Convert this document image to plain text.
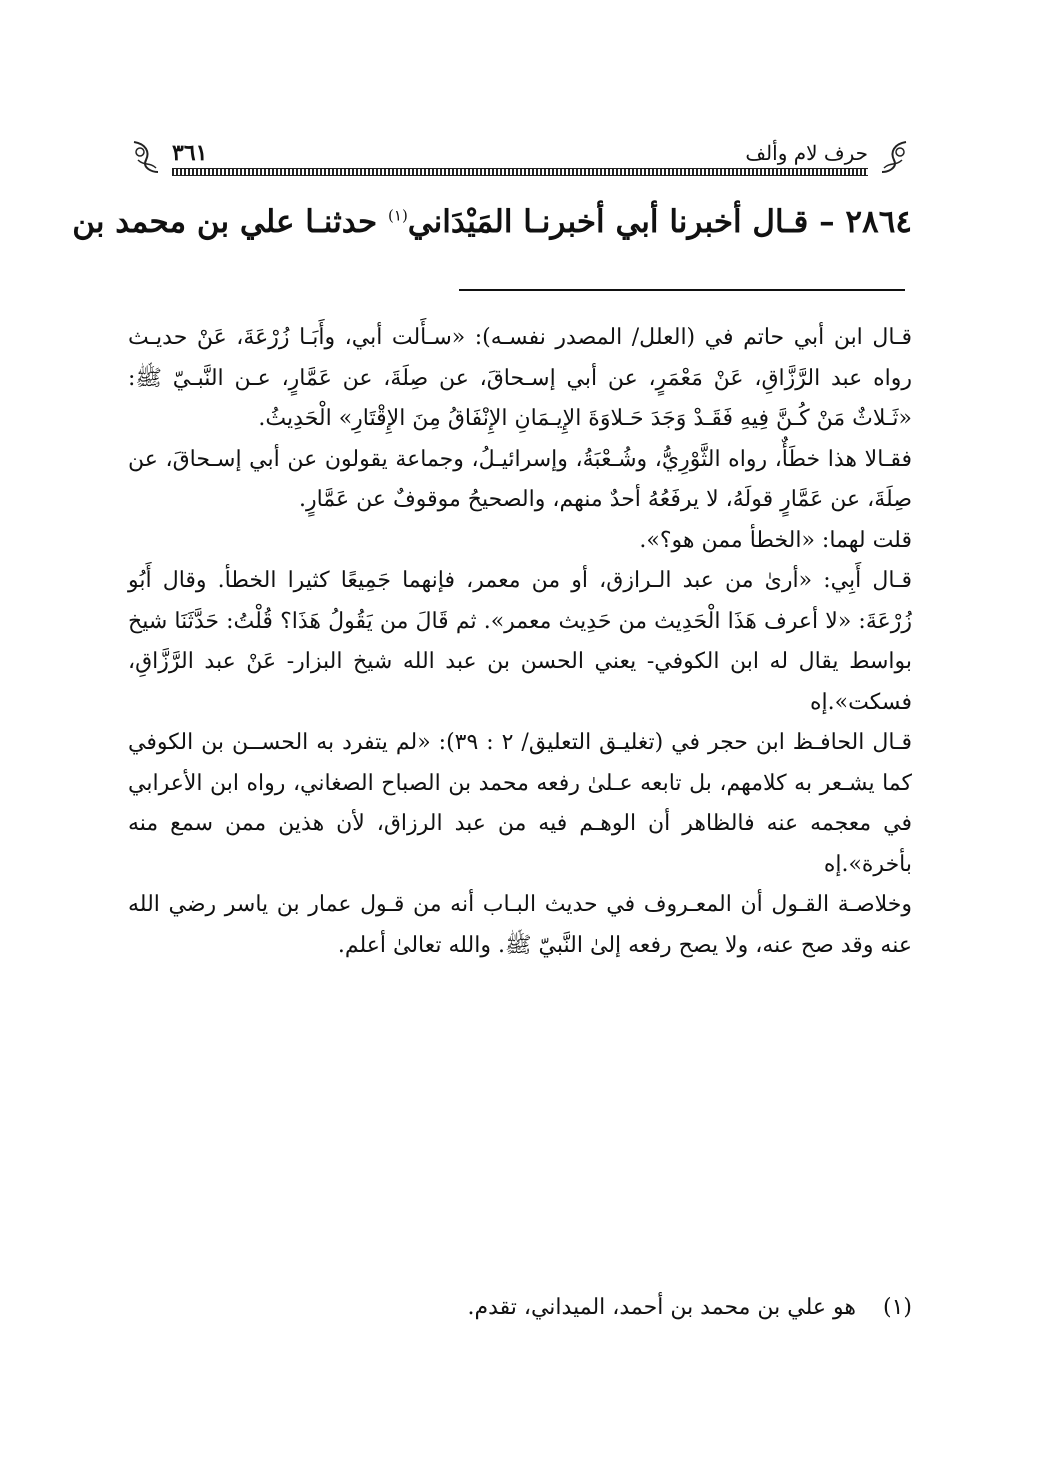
حرف لام وألف
٣٦١

٢٨٦٤ – قـال أخبرنا أبي أخبرنـا المَيْدَاني$^{(١)}$ حدثنـا علي بن محمد بن

قـال ابن أبي حاتم في (العلل/ المصدر نفسـه): «سـأَلت أبي، وأَبَـا زُرْعَةَ، عَنْ حديـث رواه عبد الرَّزَّاقِ، عَنْ مَعْمَرٍ، عن أبي إسـحاقَ، عن صِلَةَ، عن عَمَّارٍ، عـن النَّبـيّ ﷺ: «ثَـلاثٌ مَنْ كُـنَّ فِيهِ فَقَـدْ وَجَدَ حَـلاوَةَ الإِيـمَانِ الإِنْفَاقُ مِنَ الإِقْتَارِ» الْحَدِيثُ.

فقـالا هذا خطَأٌ، رواه الثَّوْرِيُّ، وشُـعْبَةُ، وإسرائيـلُ، وجماعة يقولون عن أبي إسـحاقَ، عن صِلَةَ، عن عَمَّارٍ قولَهُ، لا يرفَعُهُ أحدٌ منهم، والصحيحُ موقوفٌ عن عَمَّارٍ.

قلت لهما: «الخطأ ممن هو؟».

قـال أَبِي: «أرىٰ من عبد الـرازق، أو من معمر، فإنهما جَمِيعًا كثيرا الخطأ. وقال أَبُو زُرْعَةَ: «لا أعرف هَذَا الْحَدِيث من حَدِيث معمر». ثم قَالَ من يَقُولُ هَذَا؟ قُلْتُ: حَدَّثَنَا شيخ بواسط يقال له ابن الكوفي- يعني الحسن بن عبد الله شيخ البزار- عَنْ عبد الرَّزَّاقِ، فسكت».إه

قـال الحافـظ ابن حجر في (تغليـق التعليق/ ٢ : ٣٩): «لم يتفرد به الحســن بن الكوفي كما يشـعر به كلامهم، بل تابعه عـلىٰ رفعه محمد بن الصباح الصغاني، رواه ابن الأعرابي في معجمه عنه فالظاهر أن الوهـم فيه من عبد الرزاق، لأن هذين ممن سمع منه بأخرة».إه

وخلاصـة القـول أن المعـروف في حديث البـاب أنه من قـول عمار بن ياسر رضي الله عنه وقد صح عنه، ولا يصح رفعه إلىٰ النَّبيّ ﷺ. والله تعالىٰ أعلم.

(١)هو علي بن محمد بن أحمد، الميداني، تقدم.
